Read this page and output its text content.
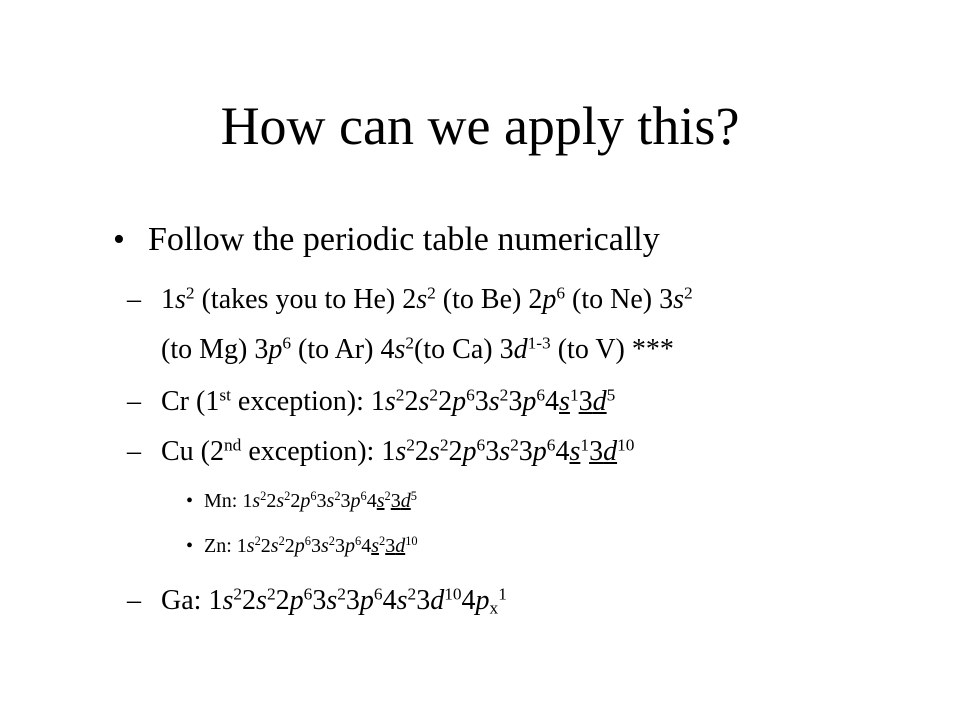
How can we apply this?
• Follow the periodic table numerically
– $1s^2$ (takes you to He) $2s^2$ (to Be) $2p^6$ (to Ne) $3s^2$
(to Mg) $3p^6$ (to Ar) $4s^2(to$ Ca) $3d^{1-3}$ (to V) ***
– Cr (1st exception): $1s^22s^22p^63s^23p^64s^13d^5$
– Cu (2nd exception): $1s^22s^22p^63s^23p^64s^13d^{10}$
• Mn: $1s^22s^22p^63s^23p^64s^23d^5$
• Zn: $1s^22s^22p^63s^23p^64s^23d^{10}$
– Ga: $1s^22s^22p^63s^23p^64s^23d^{10}4p_x^1$
